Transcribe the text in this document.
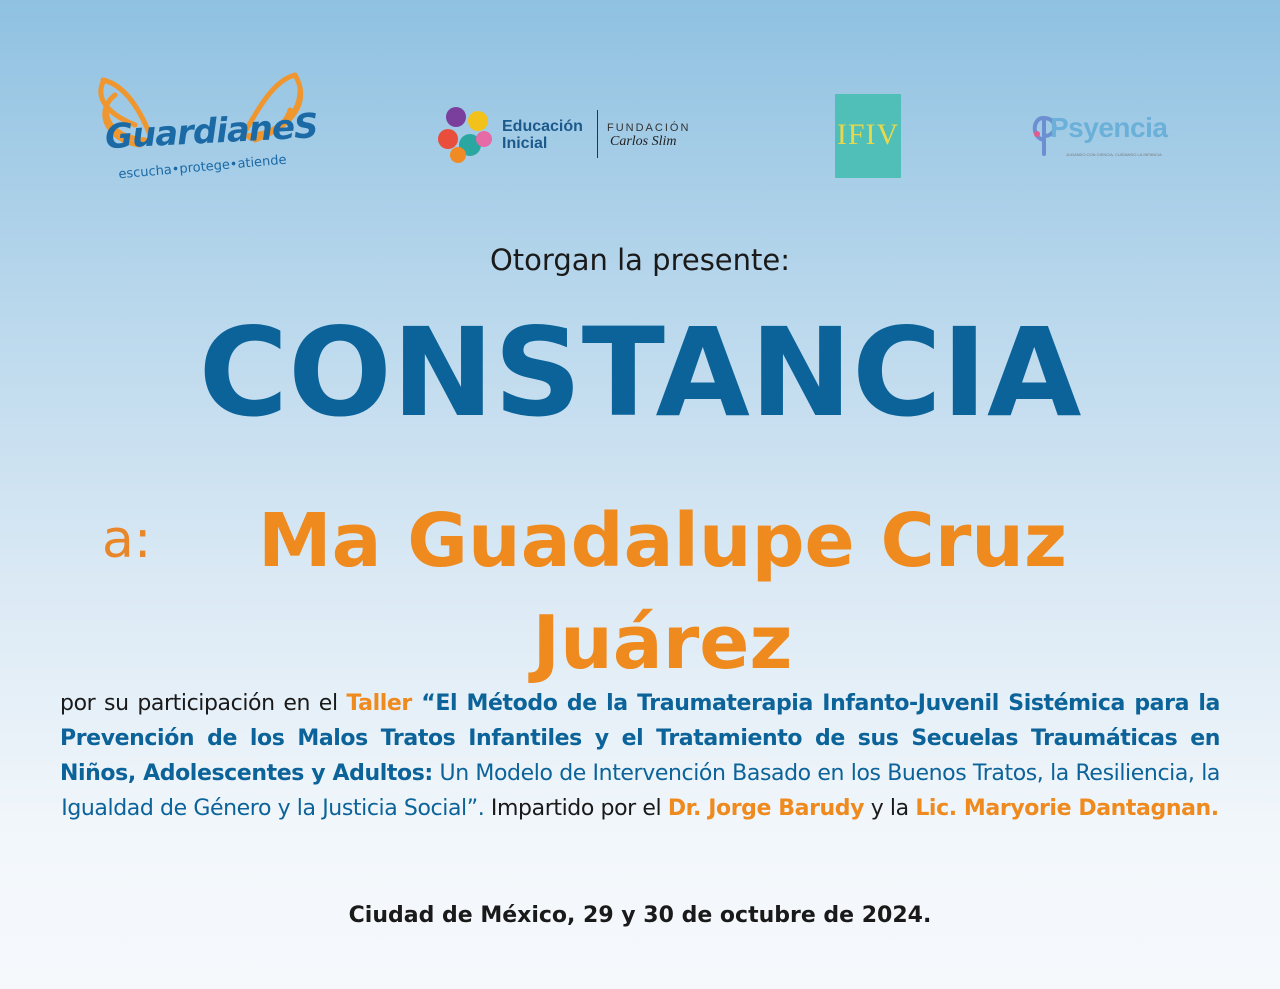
GuardianeS
escucha•protege•atiende
Educación
Inicial
FUNDACIÓN
Carlos Slim	IFIV	Psyencia
JUGANDO CON CIENCIA, CUIDANDO LA INFANCIA
Otorgan la presente:
CONSTANCIA
a: Ma Guadalupe Cruz
Juárez
por su participación en el Taller “El Método de la Traumaterapia Infanto-Juvenil Sistémica para la Prevención de los Malos Tratos Infantiles y el Tratamiento de sus Secuelas Traumáticas en Niños, Adolescentes y Adultos: Un Modelo de Intervención Basado en los Buenos Tratos, la Resiliencia, la Igualdad de Género y la Justicia Social”. Impartido por el Dr. Jorge Barudy y la Lic. Maryorie Dantagnan.
Ciudad de México, 29 y 30 de octubre de 2024.
